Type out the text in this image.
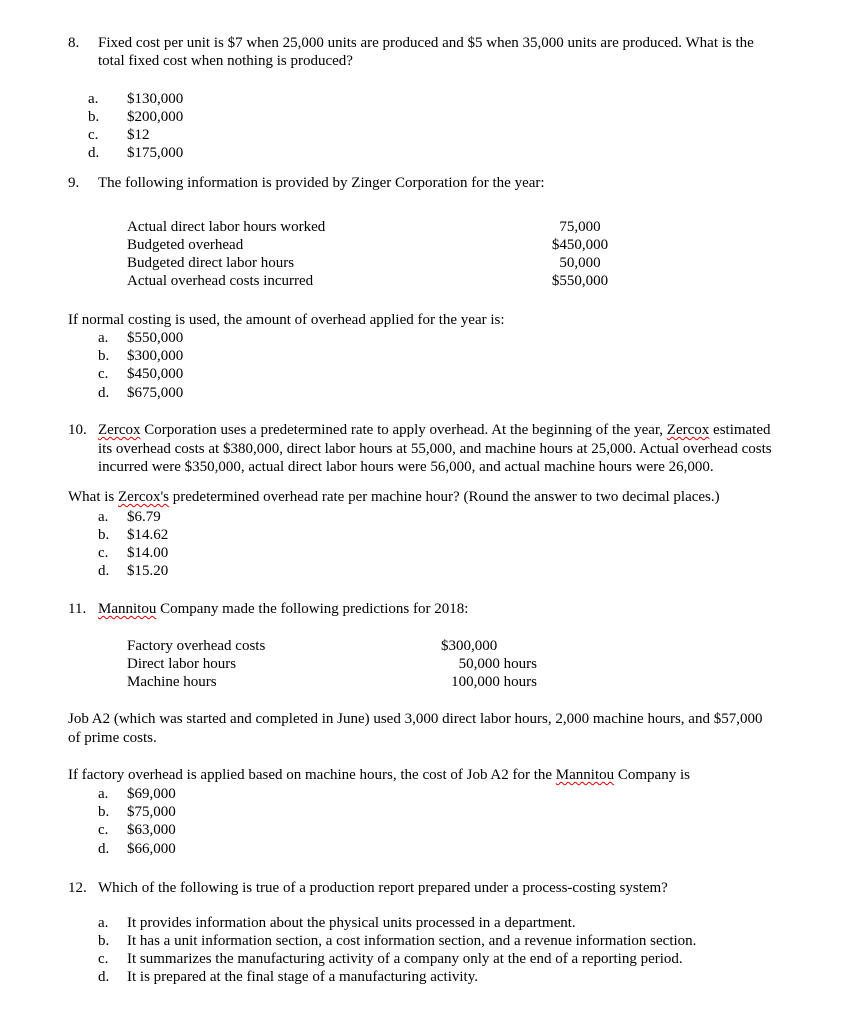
8. Fixed cost per unit is $7 when 25,000 units are produced and $5 when 35,000 units are produced. What is the
total fixed cost when nothing is produced?
a. $130,000
b. $200,000
c. $12
d. $175,000
9. The following information is provided by Zinger Corporation for the year:
Actual direct labor hours worked	75,000
Budgeted overhead	$450,000
Budgeted direct labor hours	50,000
Actual overhead costs incurred	$550,000
If normal costing is used, the amount of overhead applied for the year is:
a. $550,000
b. $300,000
c. $450,000
d. $675,000
10. Zercox Corporation uses a predetermined rate to apply overhead. At the beginning of the year, Zercox estimated
its overhead costs at $380,000, direct labor hours at 55,000, and machine hours at 25,000. Actual overhead costs
incurred were $350,000, actual direct labor hours were 56,000, and actual machine hours were 26,000.
What is Zercox's predetermined overhead rate per machine hour? (Round the answer to two decimal places.)
a. $6.79
b. $14.62
c. $14.00
d. $15.20
11. Mannitou Company made the following predictions for 2018:
Factory overhead costs	$300,000
Direct labor hours	50,000 hours
Machine hours	100,000 hours
Job A2 (which was started and completed in June) used 3,000 direct labor hours, 2,000 machine hours, and $57,000
of prime costs.
If factory overhead is applied based on machine hours, the cost of Job A2 for the Mannitou Company is
a. $69,000
b. $75,000
c. $63,000
d. $66,000
12. Which of the following is true of a production report prepared under a process-costing system?
a. It provides information about the physical units processed in a department.
b. It has a unit information section, a cost information section, and a revenue information section.
c. It summarizes the manufacturing activity of a company only at the end of a reporting period.
d. It is prepared at the final stage of a manufacturing activity.
